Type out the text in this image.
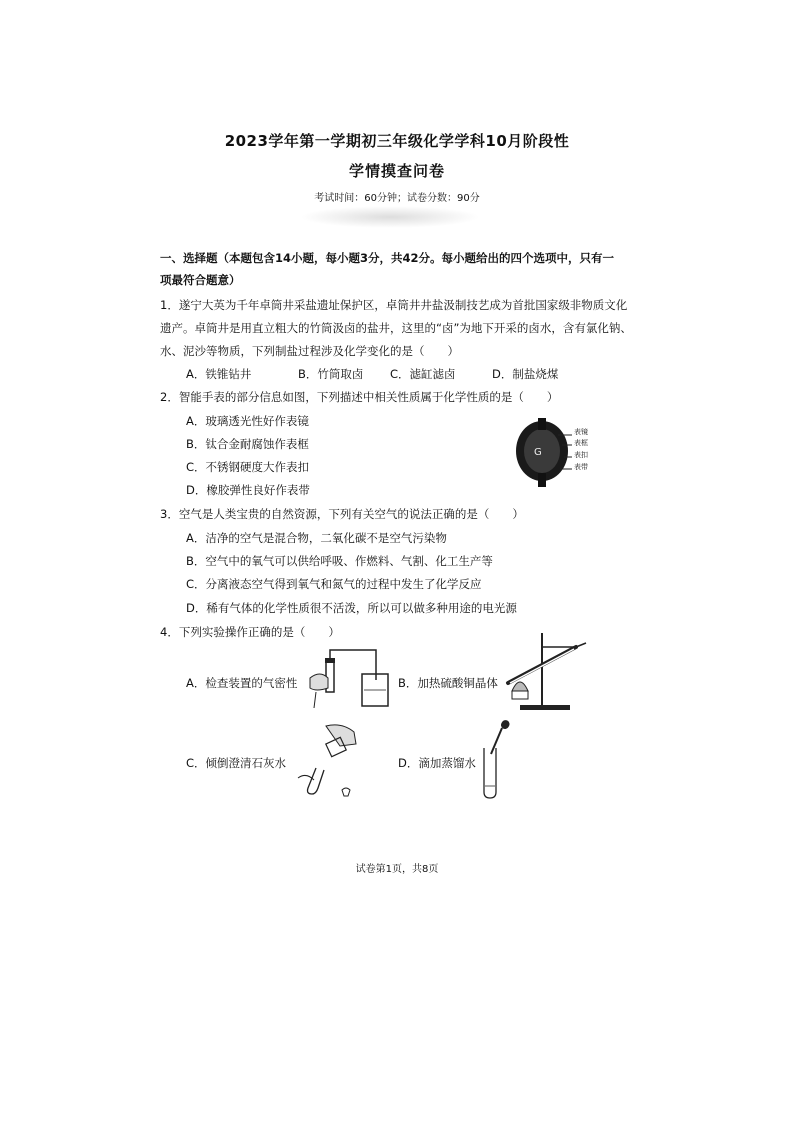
2023学年第一学期初三年级化学学科10月阶段性
学情摸查问卷
考试时间：60分钟；试卷分数：90分
一、选择题（本题包含14小题，每小题3分，共42分。每小题给出的四个选项中，只有一
项最符合题意）
1．遂宁大英为千年卓筒井采盐遗址保护区，卓筒井井盐汲制技艺成为首批国家级非物质文化
遗产。卓筒井是用直立粗大的竹筒汲卤的盐井，这里的“卤”为地下开采的卤水，含有氯化钠、
水、泥沙等物质，下列制盐过程涉及化学变化的是（　　）
A．铁锥钻井	B．竹筒取卤 C．滤缸滤卤	D．制盐烧煤
2．智能手表的部分信息如图，下列描述中相关性质属于化学性质的是（　　）
A．玻璃透光性好作表镜
B．钛合金耐腐蚀作表框
C．不锈钢硬度大作表扣
D．橡胶弹性良好作表带
G
表镜
表框
表扣
表带
3．空气是人类宝贵的自然资源，下列有关空气的说法正确的是（　　）
A．洁净的空气是混合物，二氧化碳不是空气污染物
B．空气中的氧气可以供给呼吸、作燃料、气割、化工生产等
C．分离液态空气得到氧气和氮气的过程中发生了化学反应
D．稀有气体的化学性质很不活泼，所以可以做多种用途的电光源
4．下列实验操作正确的是（　　）
A．检查装置的气密性	B．加热硫酸铜晶体
C．倾倒澄清石灰水	D．滴加蒸馏水
试卷第1页，共8页
